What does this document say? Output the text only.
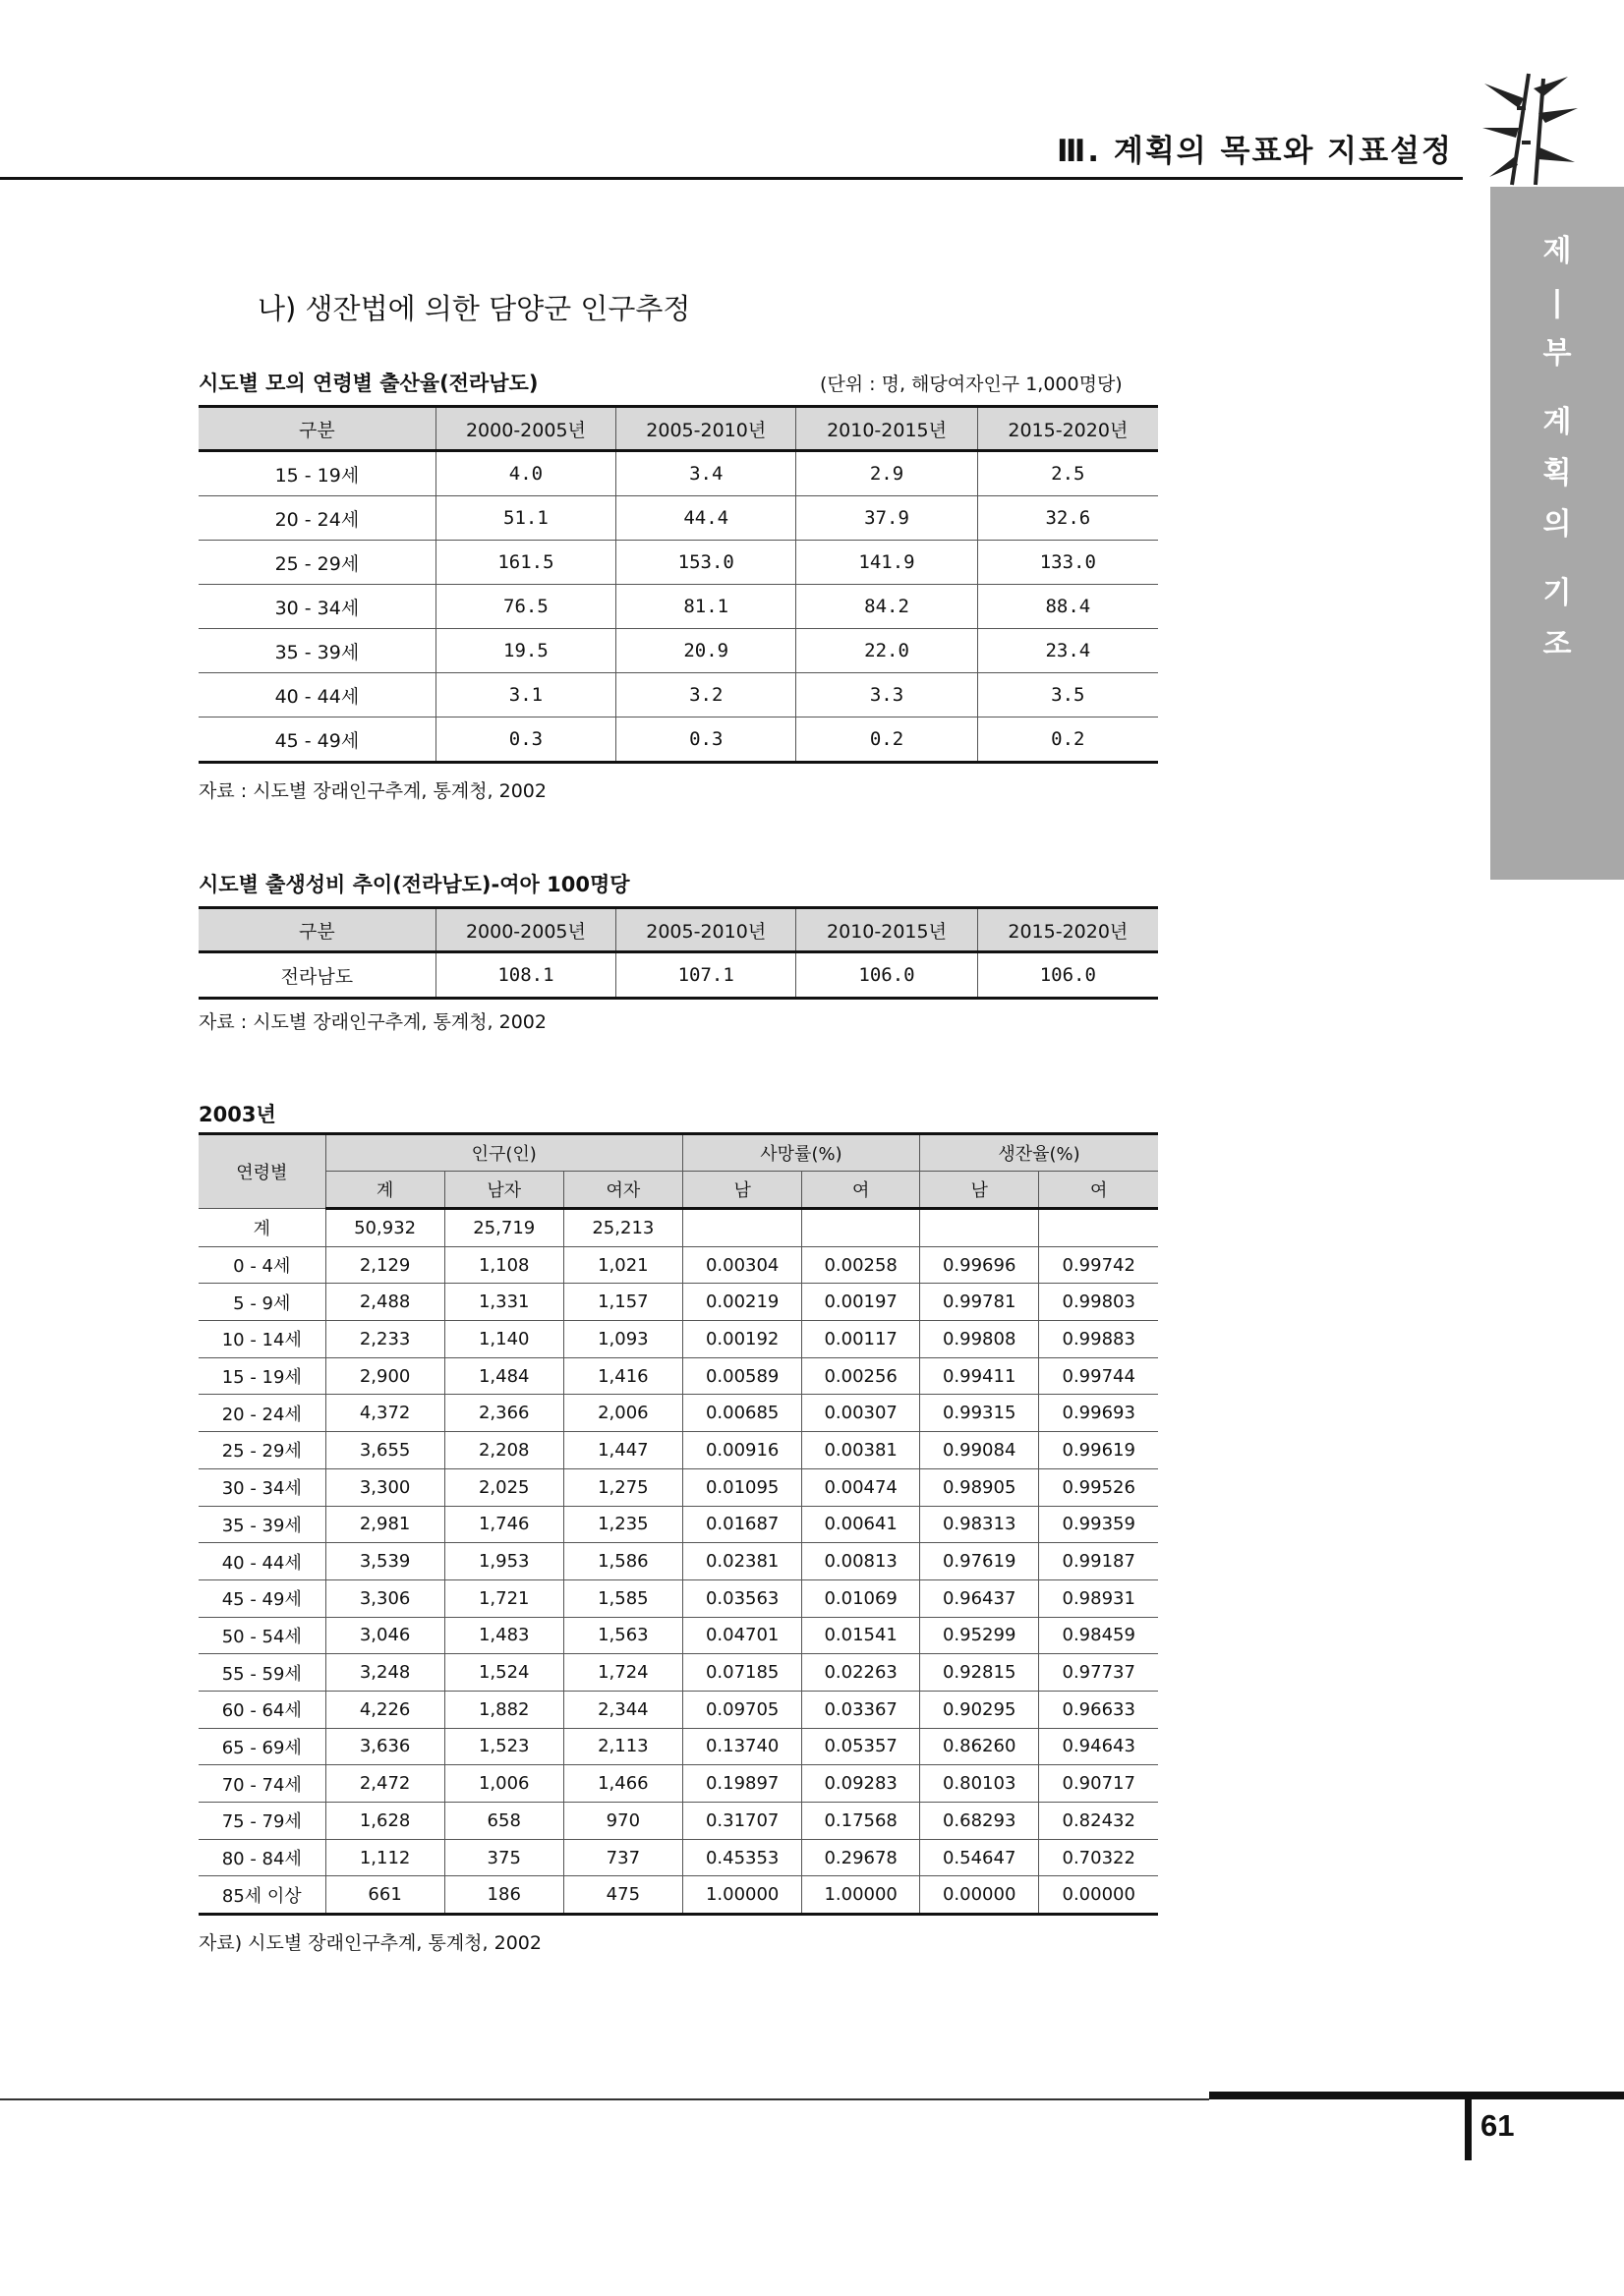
Ⅲ. 계획의 목표와 지표설정
제
|
부
계
획
의
기
조
나) 생잔법에 의한 담양군 인구추정
시도별 모의 연령별 출산율(전라남도)	(단위 : 명, 해당여자인구 1,000명당)
구분	2000-2005년	2005-2010년	2010-2015년	2015-2020년
15 - 19세	4.0	3.4	2.9	2.5
20 - 24세	51.1	44.4	37.9	32.6
25 - 29세	161.5	153.0	141.9	133.0
30 - 34세	76.5	81.1	84.2	88.4
35 - 39세	19.5	20.9	22.0	23.4
40 - 44세	3.1	3.2	3.3	3.5
45 - 49세	0.3	0.3	0.2	0.2
자료 : 시도별 장래인구추계, 통계청, 2002
시도별 출생성비 추이(전라남도)-여아 100명당
구분	2000-2005년	2005-2010년	2010-2015년	2015-2020년
전라남도	108.1	107.1	106.0	106.0
자료 : 시도별 장래인구추계, 통계청, 2002
2003년
연령별	인구(인)			사망률(%)		생잔율(%)	
	계	남자	여자	남	여	남	여
계	50,932	25,719	25,213				
0 - 4세	2,129	1,108	1,021	0.00304	0.00258	0.99696	0.99742
5 - 9세	2,488	1,331	1,157	0.00219	0.00197	0.99781	0.99803
10 - 14세	2,233	1,140	1,093	0.00192	0.00117	0.99808	0.99883
15 - 19세	2,900	1,484	1,416	0.00589	0.00256	0.99411	0.99744
20 - 24세	4,372	2,366	2,006	0.00685	0.00307	0.99315	0.99693
25 - 29세	3,655	2,208	1,447	0.00916	0.00381	0.99084	0.99619
30 - 34세	3,300	2,025	1,275	0.01095	0.00474	0.98905	0.99526
35 - 39세	2,981	1,746	1,235	0.01687	0.00641	0.98313	0.99359
40 - 44세	3,539	1,953	1,586	0.02381	0.00813	0.97619	0.99187
45 - 49세	3,306	1,721	1,585	0.03563	0.01069	0.96437	0.98931
50 - 54세	3,046	1,483	1,563	0.04701	0.01541	0.95299	0.98459
55 - 59세	3,248	1,524	1,724	0.07185	0.02263	0.92815	0.97737
60 - 64세	4,226	1,882	2,344	0.09705	0.03367	0.90295	0.96633
65 - 69세	3,636	1,523	2,113	0.13740	0.05357	0.86260	0.94643
70 - 74세	2,472	1,006	1,466	0.19897	0.09283	0.80103	0.90717
75 - 79세	1,628	658	970	0.31707	0.17568	0.68293	0.82432
80 - 84세	1,112	375	737	0.45353	0.29678	0.54647	0.70322
85세 이상	661	186	475	1.00000	1.00000	0.00000	0.00000
자료) 시도별 장래인구추계, 통계청, 2002
61
